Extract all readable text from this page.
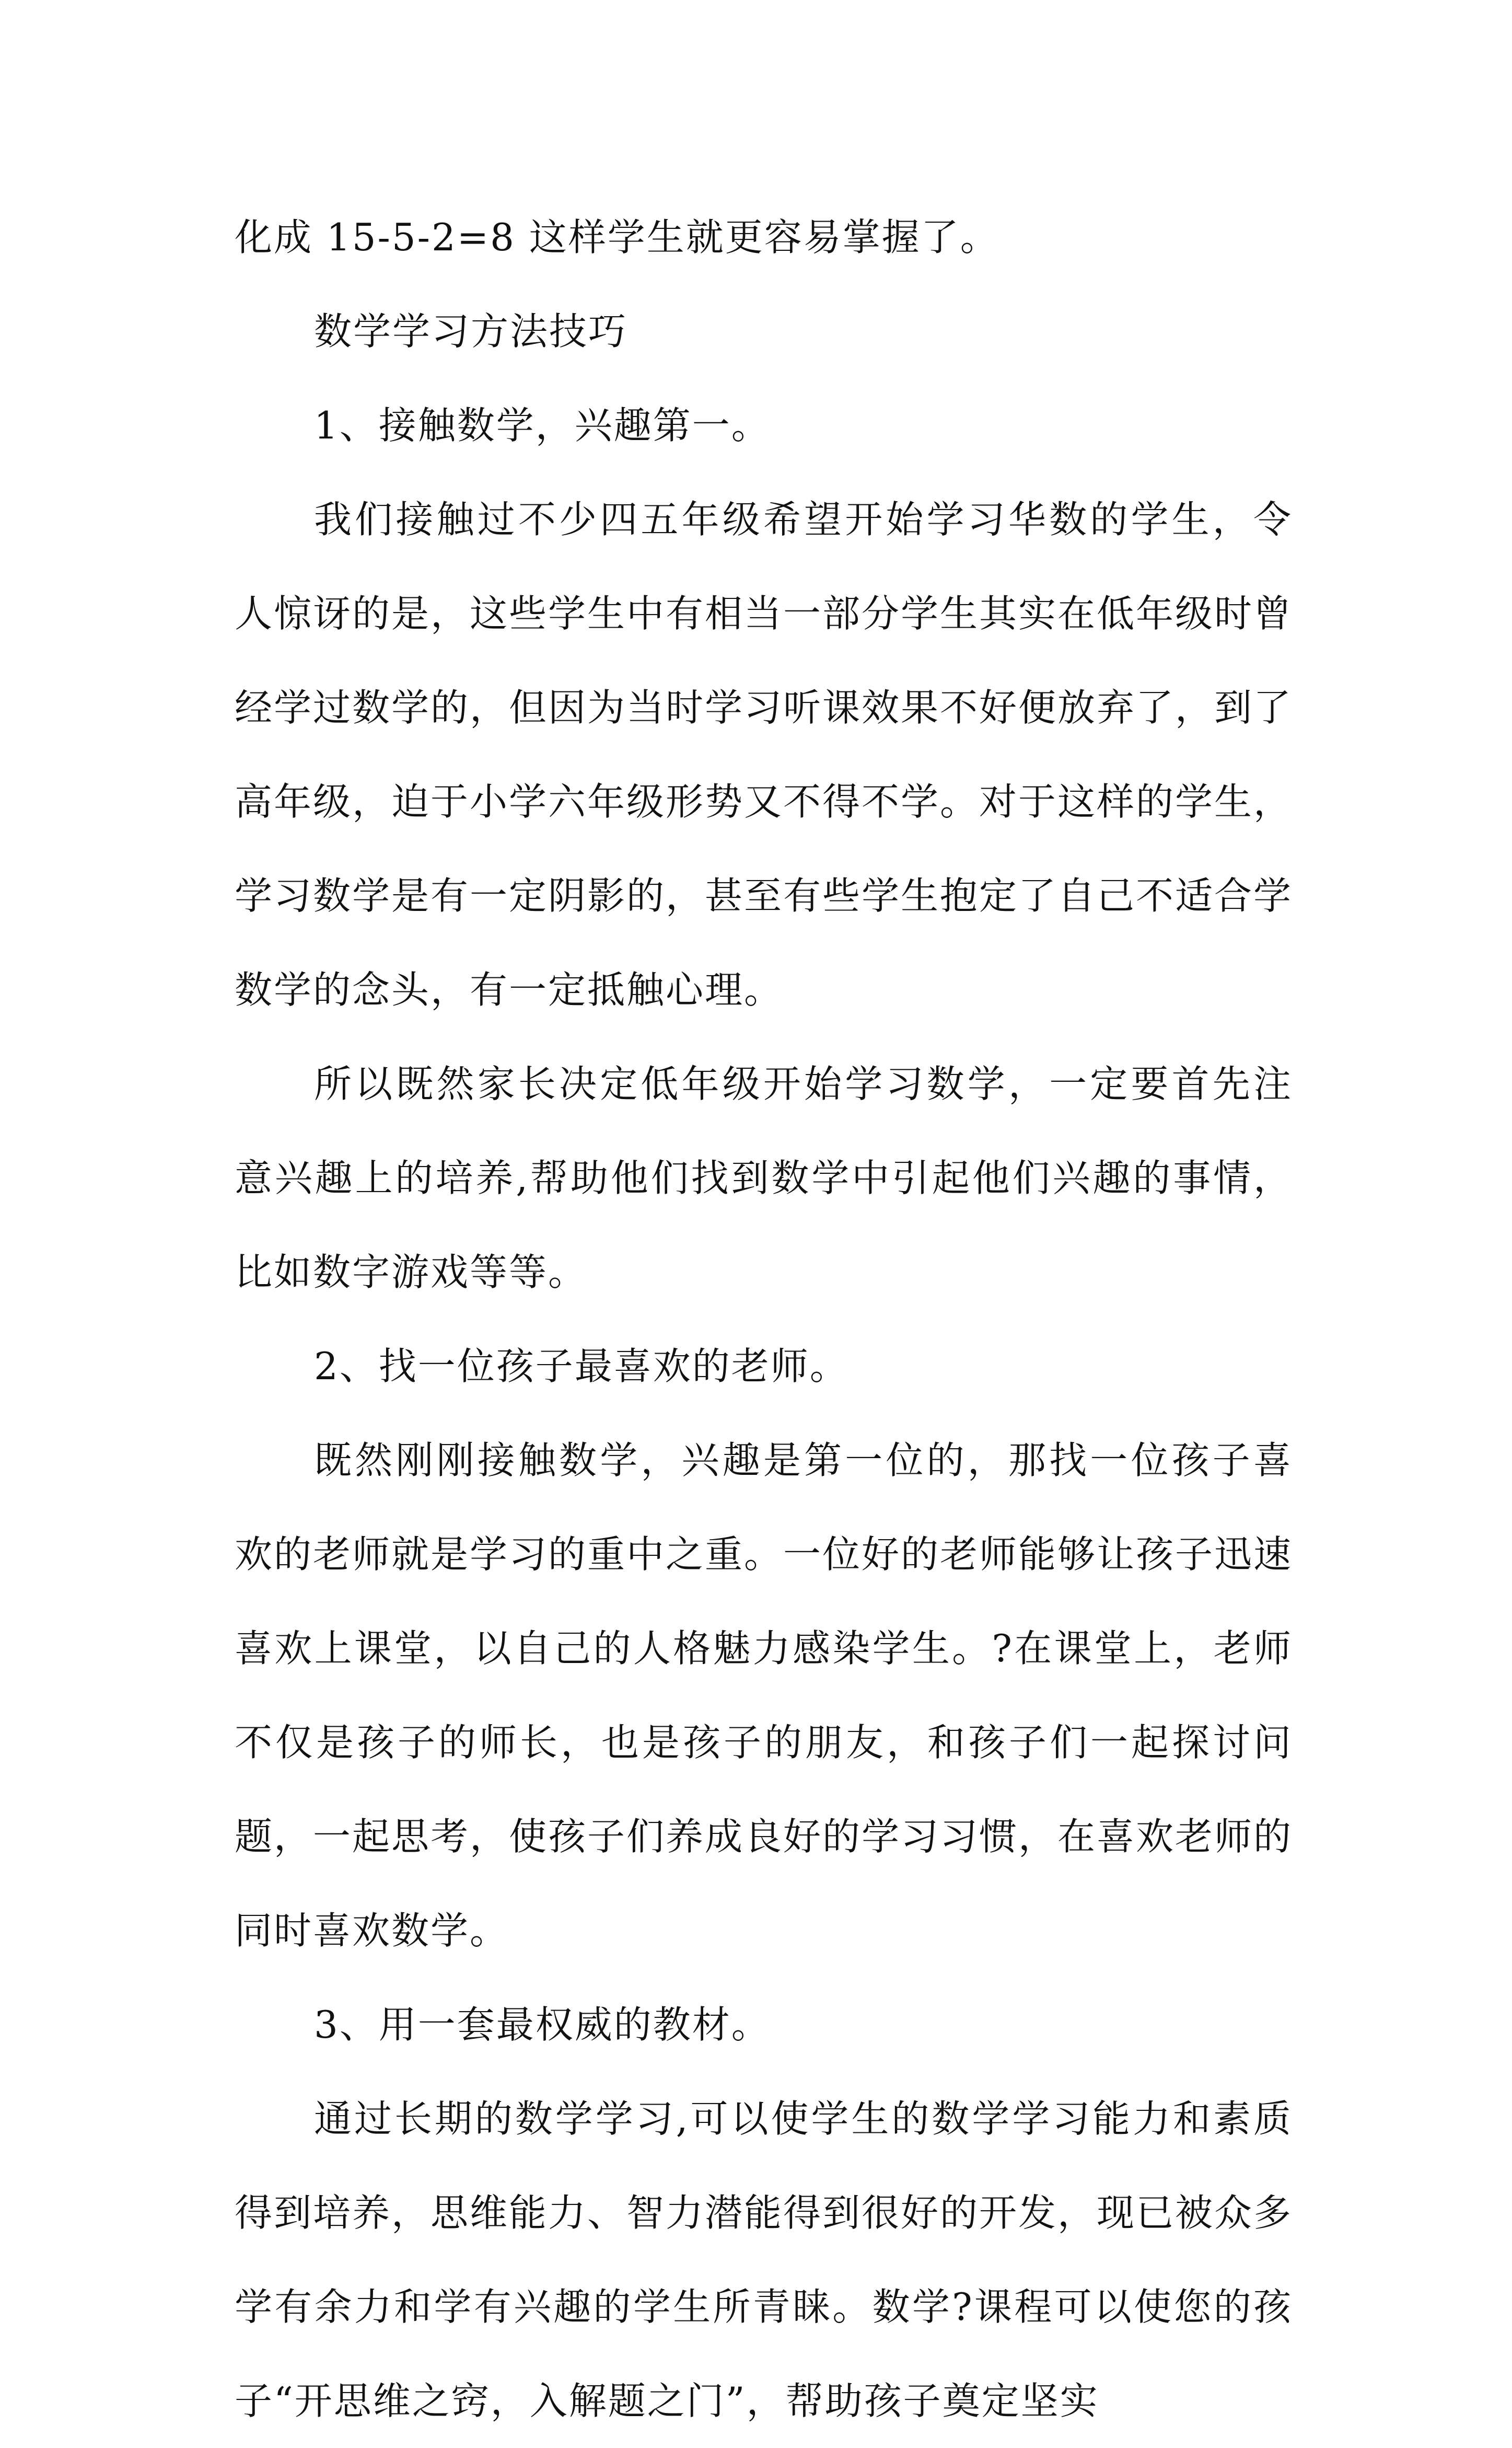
化成 15-5-2=8 这样学生就更容易掌握了。

数学学习方法技巧

1、接触数学，兴趣第一。

我们接触过不少四五年级希望开始学习华数的学生，令人惊讶的是，这些学生中有相当一部分学生其实在低年级时曾经学过数学的，但因为当时学习听课效果不好便放弃了，到了高年级，迫于小学六年级形势又不得不学。对于这样的学生，学习数学是有一定阴影的，甚至有些学生抱定了自己不适合学数学的念头，有一定抵触心理。

所以既然家长决定低年级开始学习数学，一定要首先注意兴趣上的培养,帮助他们找到数学中引起他们兴趣的事情，比如数字游戏等等。

2、找一位孩子最喜欢的老师。

既然刚刚接触数学，兴趣是第一位的，那找一位孩子喜欢的老师就是学习的重中之重。一位好的老师能够让孩子迅速喜欢上课堂，以自己的人格魅力感染学生。?在课堂上，老师不仅是孩子的师长，也是孩子的朋友，和孩子们一起探讨问题，一起思考，使孩子们养成良好的学习习惯，在喜欢老师的同时喜欢数学。

3、用一套最权威的教材。

通过长期的数学学习,可以使学生的数学学习能力和素质得到培养，思维能力、智力潜能得到很好的开发，现已被众多学有余力和学有兴趣的学生所青睐。数学?课程可以使您的孩子“开思维之窍，入解题之门”，帮助孩子奠定坚实
